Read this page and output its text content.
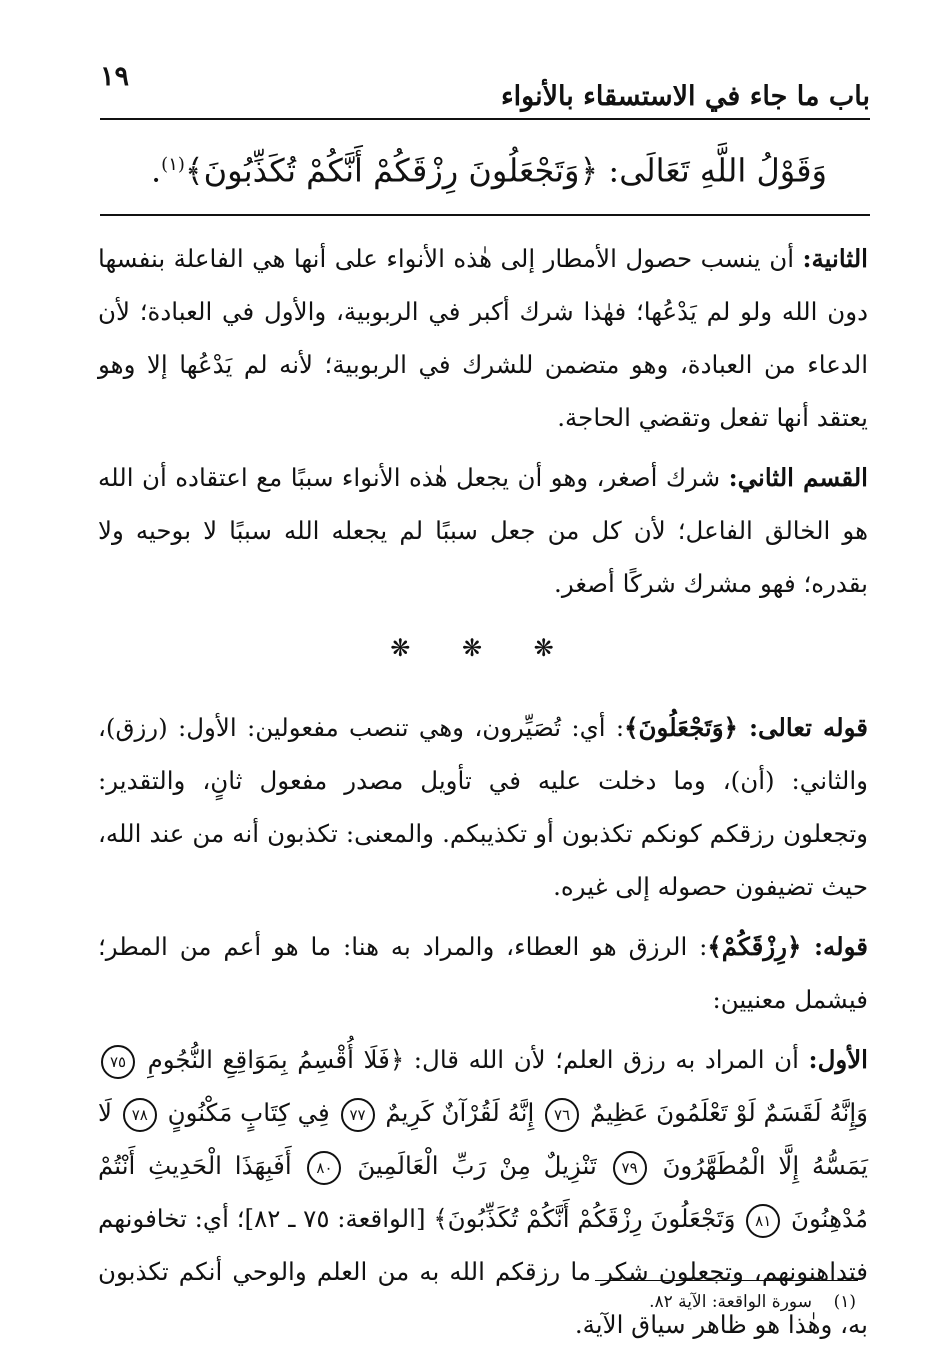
باب ما جاء في الاستسقاء بالأنواء
١٩
وَقَوْلُ اللَّهِ تَعَالَى: ﴿وَتَجْعَلُونَ رِزْقَكُمْ أَنَّكُمْ تُكَذِّبُونَ﴾$^{(١)}$.

الثانية: أن ينسب حصول الأمطار إلى هٰذه الأنواء على أنها هي الفاعلة بنفسها دون الله ولو لم يَدْعُها؛ فهٰذا شرك أكبر في الربوبية، والأول في العبادة؛ لأن الدعاء من العبادة، وهو متضمن للشرك في الربوبية؛ لأنه لم يَدْعُها إلا وهو يعتقد أنها تفعل وتقضي الحاجة.

القسم الثاني: شرك أصغر، وهو أن يجعل هٰذه الأنواء سببًا مع اعتقاده أن الله هو الخالق الفاعل؛ لأن كل من جعل سببًا لم يجعله الله سببًا لا بوحيه ولا بقدره؛ فهو مشرك شركًا أصغر.

❋ ❋ ❋

قوله تعالى: ﴿وَتَجْعَلُونَ﴾: أي: تُصَيِّرون، وهي تنصب مفعولين: الأول: (رزق)، والثاني: (أن)، وما دخلت عليه في تأويل مصدر مفعول ثانٍ، والتقدير: وتجعلون رزقكم كونكم تكذبون أو تكذيبكم. والمعنى: تكذبون أنه من عند الله، حيث تضيفون حصوله إلى غيره.

قوله: ﴿رِزْقَكُمْ﴾: الرزق هو العطاء، والمراد به هنا: ما هو أعم من المطر؛ فيشمل معنيين:

الأول: أن المراد به رزق العلم؛ لأن الله قال: ﴿فَلَا أُقْسِمُ بِمَوَاقِعِ النُّجُومِ ٧٥ وَإِنَّهُ لَقَسَمٌ لَوْ تَعْلَمُونَ عَظِيمٌ ٧٦ إِنَّهُ لَقُرْآنٌ كَرِيمٌ ٧٧ فِي كِتَابٍ مَكْنُونٍ ٧٨ لَا يَمَسُّهُ إِلَّا الْمُطَهَّرُونَ ٧٩ تَنْزِيلٌ مِنْ رَبِّ الْعَالَمِينَ ٨٠ أَفَبِهَذَا الْحَدِيثِ أَنْتُمْ مُدْهِنُونَ ٨١ وَتَجْعَلُونَ رِزْقَكُمْ أَنَّكُمْ تُكَذِّبُونَ﴾ [الواقعة: ٧٥ ـ ٨٢]؛ أي: تخافونهم فتداهنونهم، وتجعلون شكر ما رزقكم الله به من العلم والوحي أنكم تكذبون به، وهٰذا هو ظاهر سياق الآية.

(١)    سورة الواقعة: الآية ٨٢.
